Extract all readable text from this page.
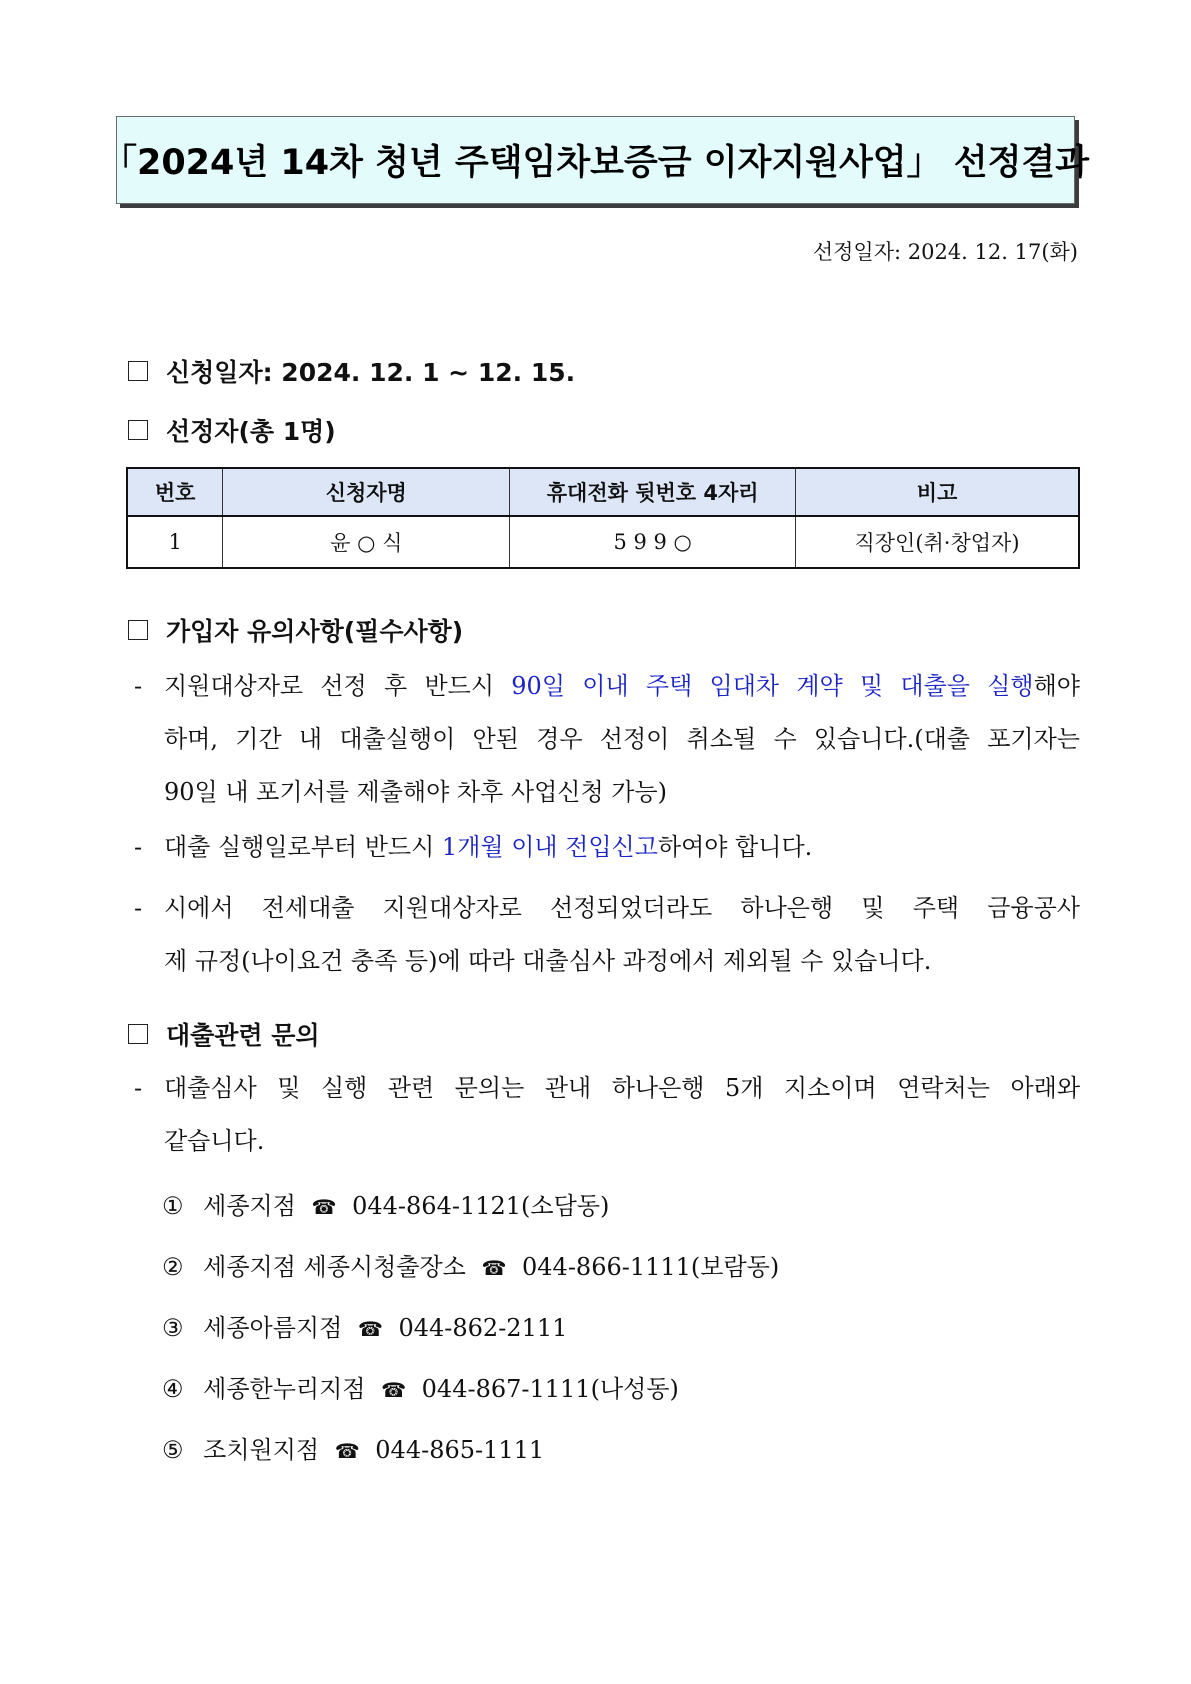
「2024년 14차 청년 주택임차보증금 이자지원사업」 선정결과
선정일자: 2024. 12. 17(화)
신청일자: 2024. 12. 1 ~ 12. 15.
선정자(총 1명)
번호	신청자명	휴대전화 뒷번호 4자리	비고
1	윤 ○ 식	5 9 9 ○	직장인(취·창업자)
가입자 유의사항(필수사항)
- 지원대상자로 선정 후 반드시 90일 이내 주택 임대차 계약 및 대출을 실행해야
하며, 기간 내 대출실행이 안된 경우 선정이 취소될 수 있습니다.(대출 포기자는
90일 내 포기서를 제출해야 차후 사업신청 가능)
- 대출 실행일로부터 반드시 1개월 이내 전입신고하여야 합니다.
- 시에서 전세대출 지원대상자로 선정되었더라도 하나은행 및 주택 금융공사
제 규정(나이요건 충족 등)에 따라 대출심사 과정에서 제외될 수 있습니다.
대출관련 문의
- 대출심사 및 실행 관련 문의는 관내 하나은행 5개 지소이며 연락처는 아래와
같습니다.
① 세종지점 ☎ 044-864-1121(소담동)
② 세종지점 세종시청출장소 ☎ 044-866-1111(보람동)
③ 세종아름지점 ☎ 044-862-2111
④ 세종한누리지점 ☎ 044-867-1111(나성동)
⑤ 조치원지점 ☎ 044-865-1111
